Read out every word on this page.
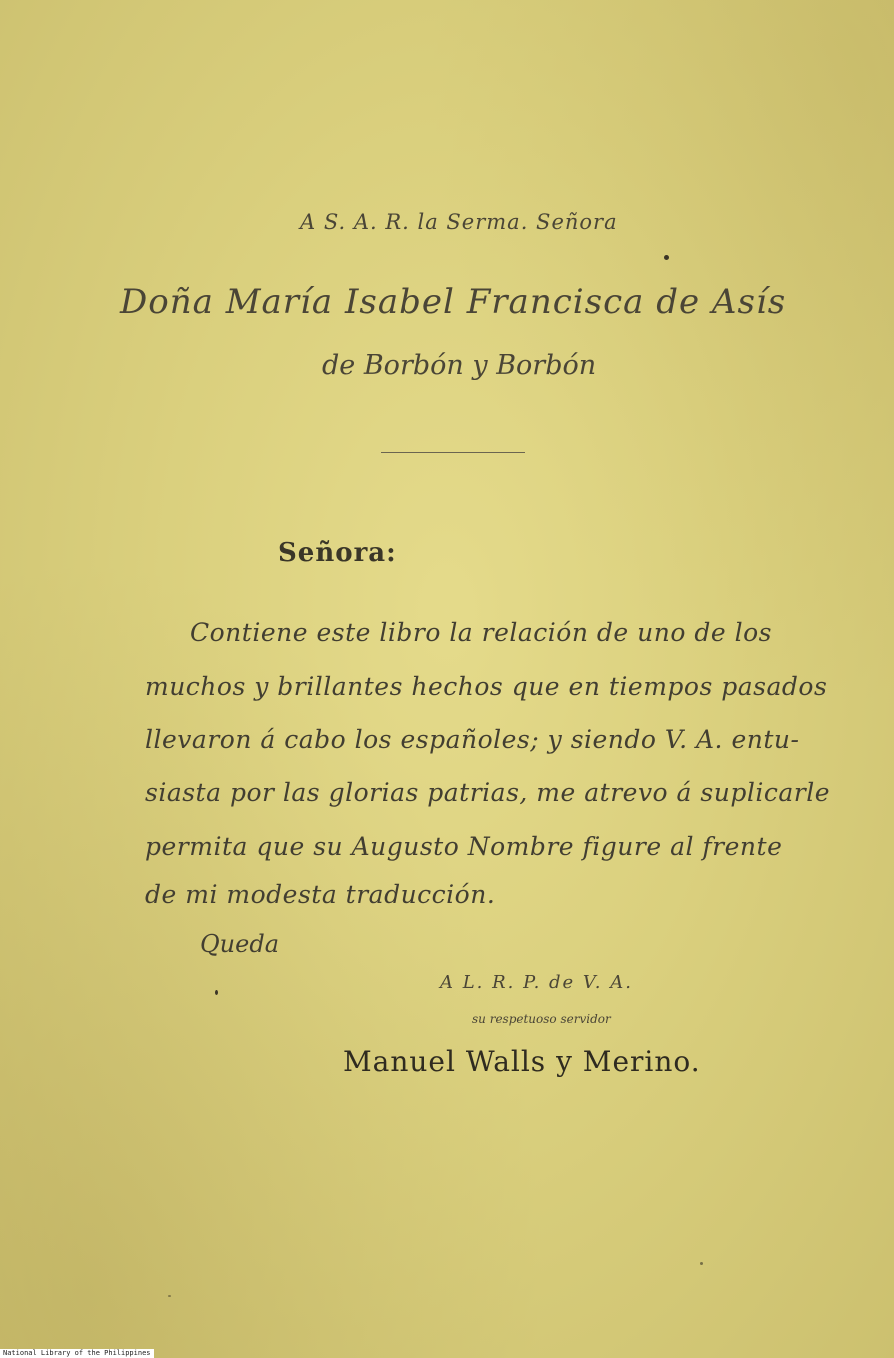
A S. A. R. la Serma. Señora
Doña María Isabel Francisca de Asís
de Borbón y Borbón
Señora:
Contiene este libro la relación de uno de los
muchos y brillantes hechos que en tiempos pasados
llevaron á cabo los españoles; y siendo V. A. entu-
siasta por las glorias patrias, me atrevo á suplicarle
permita que su Augusto Nombre figure al frente
de mi modesta traducción.
Queda
A L. R. P. de V. A.
su respetuoso servidor
Manuel Walls y Merino.
National Library of the Philippines
